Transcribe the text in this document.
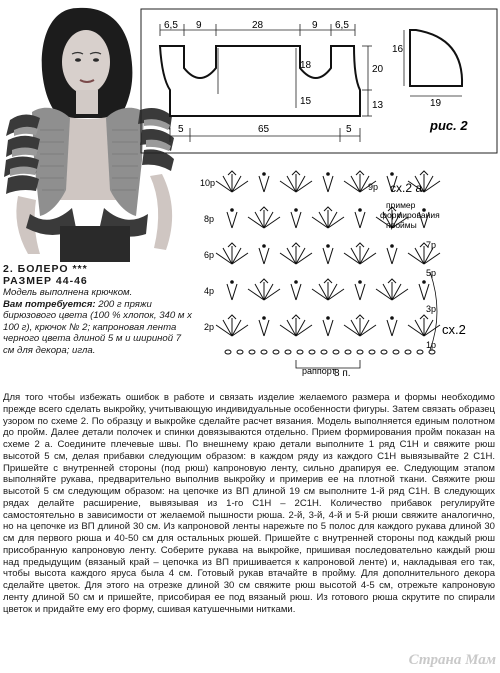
6,5 9	28	9 6,5
18
15
20
13
5	65	5
16
19
рис. 2
раппорт
8 п.
10р
8р
6р
4р
2р
9р
7р
5р
3р
1р
сх.2 а
пример формирования проймы
сх.2
2. БОЛЕРО ***
РАЗМЕР 44-46
Модель выполнена крючком.
Вам потребуется: 200 г пряжи бирюзового цвета (100 % хлопок, 340 м х 100 г), крючок № 2; капроновая лента черного цвета длиной 5 м и шириной 7 см для декора; игла.
Для того чтобы избежать ошибок в работе и связать изделие желаемого размера и формы необходимо прежде всего сделать выкройку, учитывающую индивидуальные особенности фигуры. Затем связать образец узором по схеме 2. По образцу и выкройке сделайте расчет вязания. Модель выполняется единым полотном до пройм. Далее детали полочек и спинки довязываются отдельно. Прием формирования пройм показан на схеме 2 а. Соедините плечевые швы. По внешнему краю детали выполните 1 ряд С1Н и свяжите рюш высотой 5 см, делая прибавки следующим образом: в каждом ряду из каждого С1Н вывязывайте 2 С1Н. Пришейте с внутренней стороны (под рюш) капроновую ленту, сильно драпируя ее. Следующим этапом выполняйте рукава, предварительно выполнив выкройку и примерив ее на плотной ткани. Свяжите рюш высотой 5 см следующим образом: на цепочке из ВП длиной 19 см выполните 1-й ряд С1Н. В следующих рядах делайте расширение, вывязывая из 1-го С1Н – 2С1Н. Количество прибавок регулируйте самостоятельно в зависимости от желаемой пышности рюша. 2-й, 3-й, 4-й и 5-й рюши свяжите аналогично, но на цепочке из ВП длиной 30 см. Из капроновой ленты нарежьте по 5 полос для каждого рукава длиной 30 см для первого рюша и 40-50 см для остальных рюшей. Пришейте с внутренней стороны под каждый рюш присобранную капроновую ленту. Соберите рукава на выкройке, пришивая последовательно каждый рюш над предыдущим (вязаный край – цепочка из ВП пришивается к капроновой ленте) и, накладывая его так, чтобы высота каждого яруса была 4 см. Готовый рукав втачайте в пройму. Для дополнительного декора сделайте цветок. Для этого на отрезке длиной 30 см свяжите рюш высотой 4-5 см, отрежьте капроновую ленту длиной 50 см и пришейте, присобирая ее под вязаный рюш. Из готового рюша скрутите по спирали цветок и придайте ему его форму, сшивая катушечными нитками.
Страна Мам
